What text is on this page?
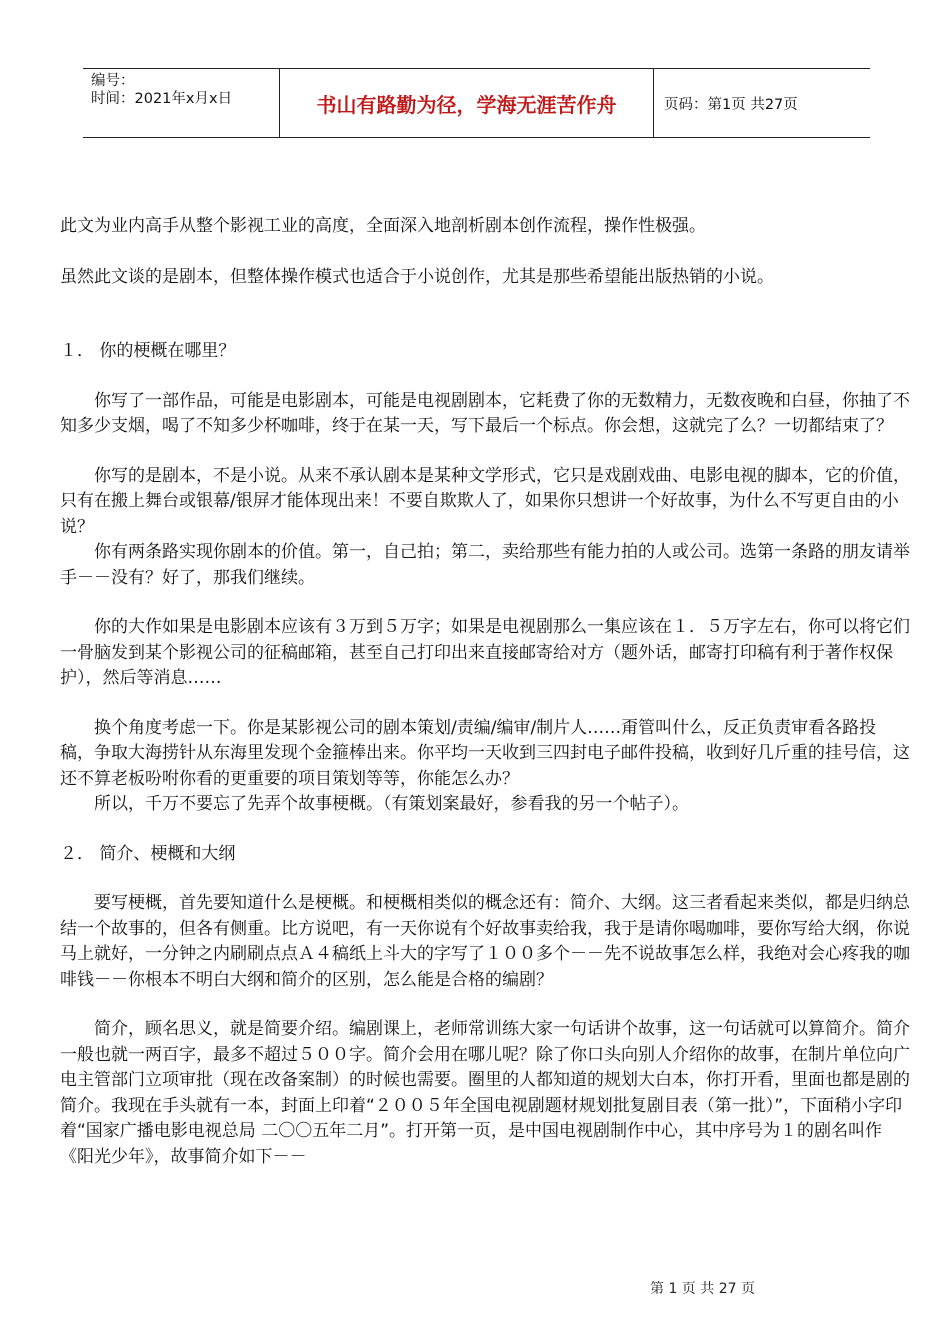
编号：
时间：2021年x月x日	书山有路勤为径，学海无涯苦作舟	页码：第1页 共27页

此文为业内高手从整个影视工业的高度，全面深入地剖析剧本创作流程，操作性极强。

虽然此文谈的是剧本，但整体操作模式也适合于小说创作，尤其是那些希望能出版热销的小说。

１． 你的梗概在哪里？

你写了一部作品，可能是电影剧本，可能是电视剧剧本，它耗费了你的无数精力，无数夜晚和白昼，你抽了不知多少支烟，喝了不知多少杯咖啡，终于在某一天，写下最后一个标点。你会想，这就完了么？一切都结束了？

你写的是剧本，不是小说。从来不承认剧本是某种文学形式，它只是戏剧戏曲、电影电视的脚本，它的价值，只有在搬上舞台或银幕/银屏才能体现出来！不要自欺欺人了，如果你只想讲一个好故事，为什么不写更自由的小说？

你有两条路实现你剧本的价值。第一，自己拍；第二，卖给那些有能力拍的人或公司。选第一条路的朋友请举手－－没有？好了，那我们继续。

你的大作如果是电影剧本应该有３万到５万字；如果是电视剧那么一集应该在１．５万字左右，你可以将它们一骨脑发到某个影视公司的征稿邮箱，甚至自己打印出来直接邮寄给对方（题外话，邮寄打印稿有利于著作权保护），然后等消息……

换个角度考虑一下。你是某影视公司的剧本策划/责编/编审/制片人……甭管叫什么，反正负责审看各路投稿，争取大海捞针从东海里发现个金箍棒出来。你平均一天收到三四封电子邮件投稿，收到好几斤重的挂号信，这还不算老板吩咐你看的更重要的项目策划等等，你能怎么办？

所以，千万不要忘了先弄个故事梗概。（有策划案最好，参看我的另一个帖子）。

２． 简介、梗概和大纲

要写梗概，首先要知道什么是梗概。和梗概相类似的概念还有：简介、大纲。这三者看起来类似，都是归纳总结一个故事的，但各有侧重。比方说吧，有一天你说有个好故事卖给我，我于是请你喝咖啡，要你写给大纲，你说马上就好，一分钟之内刷刷点点Ａ４稿纸上斗大的字写了１００多个－－先不说故事怎么样，我绝对会心疼我的咖啡钱－－你根本不明白大纲和简介的区别，怎么能是合格的编剧？

简介，顾名思义，就是简要介绍。编剧课上，老师常训练大家一句话讲个故事，这一句话就可以算简介。简介一般也就一两百字，最多不超过５００字。简介会用在哪儿呢？除了你口头向别人介绍你的故事，在制片单位向广电主管部门立项审批（现在改备案制）的时候也需要。圈里的人都知道的规划大白本，你打开看，里面也都是剧的简介。我现在手头就有一本，封面上印着“２００５年全国电视剧题材规划批复剧目表（第一批）”，下面稍小字印着“国家广播电影电视总局 二〇〇五年二月”。打开第一页，是中国电视剧制作中心，其中序号为１的剧名叫作《阳光少年》，故事简介如下－－

第 1 页 共 27 页
